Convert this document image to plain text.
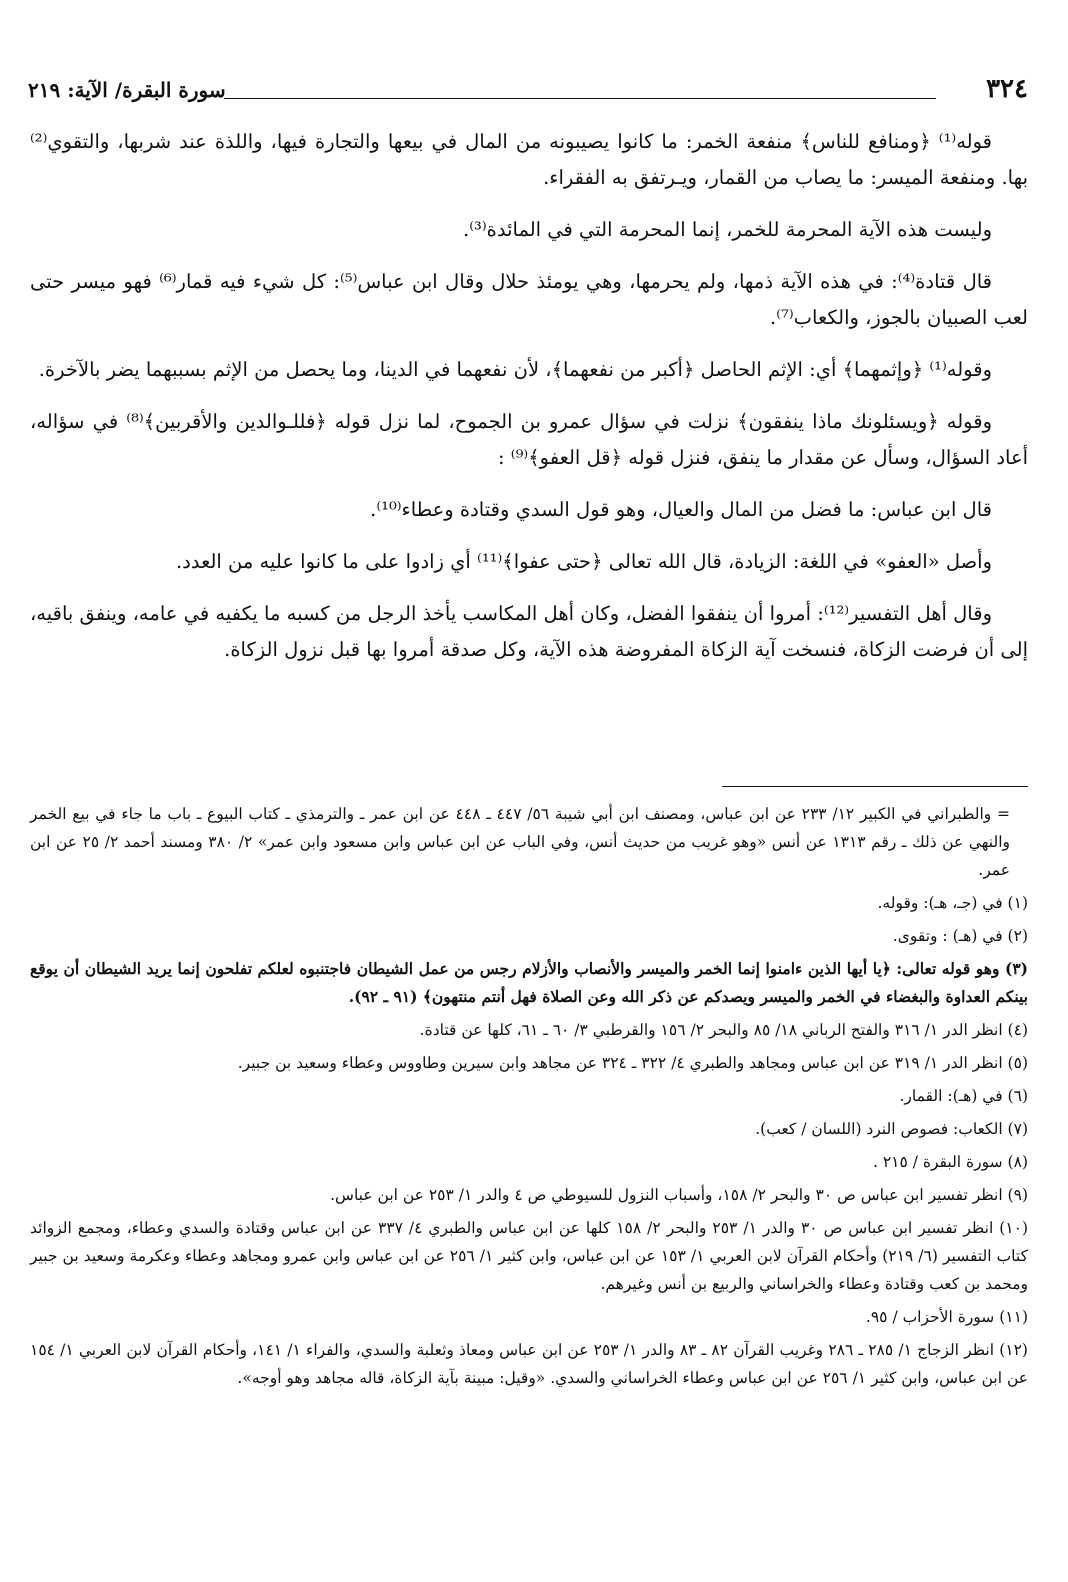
٣٢٤
سورة البقرة/ الآية: ٢١٩

قوله⁽¹⁾ ﴿ومنافع للناس﴾ منفعة الخمر: ما كانوا يصيبونه من المال في بيعها والتجارة فيها، واللذة عند شربها، والتقوي⁽²⁾ بها. ومنفعة الميسر: ما يصاب من القمار، ويـرتفق به الفقراء.

وليست هذه الآية المحرمة للخمر، إنما المحرمة التي في المائدة⁽³⁾.

قال قتادة⁽⁴⁾: في هذه الآية ذمها، ولم يحرمها، وهي يومئذ حلال وقال ابن عباس⁽⁵⁾: كل شيء فيه قمار⁽⁶⁾ فهو ميسر حتى لعب الصبيان بالجوز، والكعاب⁽⁷⁾.

وقوله⁽¹⁾ ﴿وإثمهما﴾ أي: الإثم الحاصل ﴿أكبر من نفعهما﴾، لأن نفعهما في الدينا، وما يحصل من الإثم بسببهما يضر بالآخرة.

وقوله ﴿ويسئلونك ماذا ينفقون﴾ نزلت في سؤال عمرو بن الجموح، لما نزل قوله ﴿فللـوالدين والأقربين﴾⁽⁸⁾ في سؤاله، أعاد السؤال، وسأل عن مقدار ما ينفق، فنزل قوله ﴿قل العفو﴾⁽⁹⁾ :

قال ابن عباس: ما فضل من المال والعيال، وهو قول السدي وقتادة وعطاء⁽¹⁰⁾.

وأصل «العفو» في اللغة: الزيادة، قال الله تعالى ﴿حتى عفوا﴾⁽¹¹⁾ أي زادوا على ما كانوا عليه من العدد.

وقال أهل التفسير⁽¹²⁾: أمروا أن ينفقوا الفضل، وكان أهل المكاسب يأخذ الرجل من كسبه ما يكفيه في عامه، وينفق باقيه، إلى أن فرضت الزكاة، فنسخت آية الزكاة المفروضة هذه الآية، وكل صدقة أمروا بها قبل نزول الزكاة.

= والطبراني في الكبير ١٢/ ٢٣٣ عن ابن عباس، ومصنف ابن أبي شيبة ٥٦/ ٤٤٧ ـ ٤٤٨ عن ابن عمر ـ والترمذي ـ كتاب البيوع ـ باب ما جاء في بيع الخمر والنهي عن ذلك ـ رقم ١٣١٣ عن أنس «وهو غريب من حديث أنس، وفي الباب عن ابن عباس وابن مسعود وابن عمر» ٢/ ٣٨٠ ومسند أحمد ٢/ ٢٥ عن ابن عمر.

(١) في (جـ، هـ): وقوله.

(٢) في (هـ) : وتقوى.

(٣) وهو قوله تعالى: ﴿يا أيها الذين ءامنوا إنما الخمر والميسر والأنصاب والأزلام رجس من عمل الشيطان فاجتنبوه لعلكم تفلحون إنما يريد الشيطان أن يوقع بينكم العداوة والبغضاء في الخمر والميسر ويصدكم عن ذكر الله وعن الصلاة فهل أنتم منتهون﴾ (٩١ ـ ٩٢).

(٤) انظر الدر ١/ ٣١٦ والفتح الرباني ١٨/ ٨٥ والبحر ٢/ ١٥٦ والقرطبي ٣/ ٦٠ ـ ٦١، كلها عن قتادة.

(٥) انظر الدر ١/ ٣١٩ عن ابن عباس ومجاهد والطبري ٤/ ٣٢٢ ـ ٣٢٤ عن مجاهد وابن سيرين وطاووس وعطاء وسعيد بن جبير.

(٦) في (هـ): القمار.

(٧) الكعاب: فصوص النرد (اللسان / كعب).

(٨) سورة البقرة / ٢١٥ .

(٩) انظر تفسير ابن عباس ص ٣٠ والبحر ٢/ ١٥٨، وأسباب النزول للسيوطي ص ٤ والدر ١/ ٢٥٣ عن ابن عباس.

(١٠) انظر تفسير ابن عباس ص ٣٠ والدر ١/ ٢٥٣ والبحر ٢/ ١٥٨ كلها عن ابن عباس والطبري ٤/ ٣٣٧ عن ابن عباس وقتادة والسدي وعطاء، ومجمع الزوائد كتاب التفسير (٦/ ٢١٩) وأحكام القرآن لابن العربي ١/ ١٥٣ عن ابن عباس، وابن كثير ١/ ٢٥٦ عن ابن عباس وابن عمرو ومجاهد وعطاء وعكرمة وسعيد بن جبير ومحمد بن كعب وقتادة وعطاء والخراساني والربيع بن أنس وغيرهم.

(١١) سورة الأحزاب / ٩٥.

(١٢) انظر الزجاج ١/ ٢٨٥ ـ ٢٨٦ وغريب القرآن ٨٢ ـ ٨٣ والدر ١/ ٢٥٣ عن ابن عباس ومعاذ وثعلبة والسدي، والفراء ١/ ١٤١، وأحكام القرآن لابن العربي ١/ ١٥٤ عن ابن عباس، وابن كثير ١/ ٢٥٦ عن ابن عباس وعطاء الخراساني والسدي. «وقيل: مبينة بآية الزكاة، قاله مجاهد وهو أوجه».
